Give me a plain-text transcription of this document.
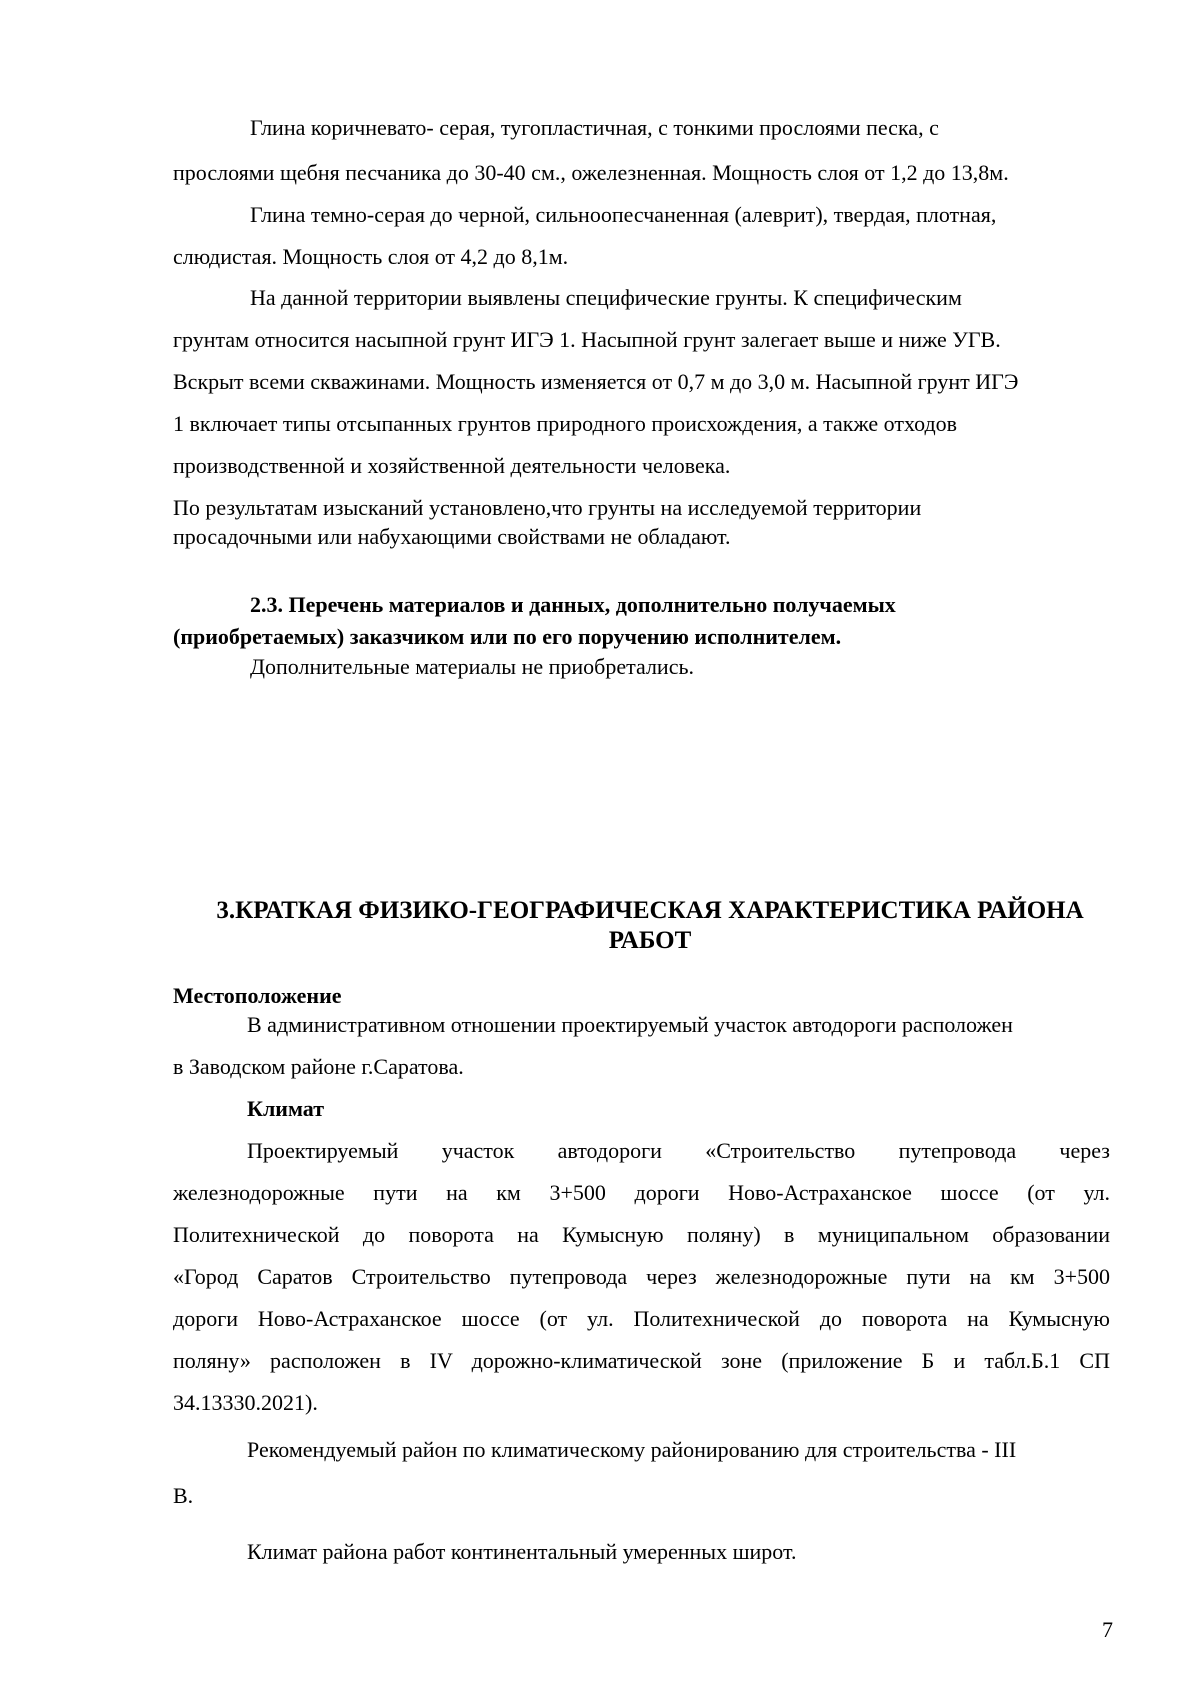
Глина коричневато- серая, тугопластичная, с тонкими прослоями песка, с
прослоями щебня песчаника до 30-40 см., ожелезненная. Мощность слоя от 1,2 до 13,8м.
Глина темно-серая до черной, сильноопесчаненная (алеврит), твердая, плотная,
слюдистая. Мощность слоя от 4,2 до 8,1м.
На данной территории выявлены специфические грунты. К специфическим
грунтам относится насыпной грунт ИГЭ 1. Насыпной грунт залегает выше и ниже УГВ.
Вскрыт всеми скважинами. Мощность изменяется от 0,7 м до 3,0 м. Насыпной грунт ИГЭ
1 включает типы отсыпанных грунтов природного происхождения, а также отходов
производственной и хозяйственной деятельности человека.
По результатам изысканий установлено,что грунты на исследуемой территории
просадочными или набухающими свойствами не обладают.
2.3. Перечень материалов и данных, дополнительно получаемых
(приобретаемых) заказчиком или по его поручению исполнителем.
Дополнительные материалы не приобретались.
3.КРАТКАЯ ФИЗИКО-ГЕОГРАФИЧЕСКАЯ ХАРАКТЕРИСТИКА РАЙОНА
РАБОТ
Местоположение
В административном отношении проектируемый участок автодороги расположен
в Заводском районе г.Саратова.
Климат
Проектируемый участок автодороги «Строительство путепровода через
железнодорожные пути на км 3+500 дороги Ново-Астраханское шоссе (от ул.
Политехнической до поворота на Кумысную поляну) в муниципальном образовании
«Город Саратов Строительство путепровода через железнодорожные пути на км 3+500
дороги Ново-Астраханское шоссе (от ул. Политехнической до поворота на Кумысную
поляну» расположен в IV дорожно-климатической зоне (приложение Б и табл.Б.1 СП
34.13330.2021).
Рекомендуемый район по климатическому районированию для строительства - III
В.
Климат района работ континентальный умеренных широт.
7
